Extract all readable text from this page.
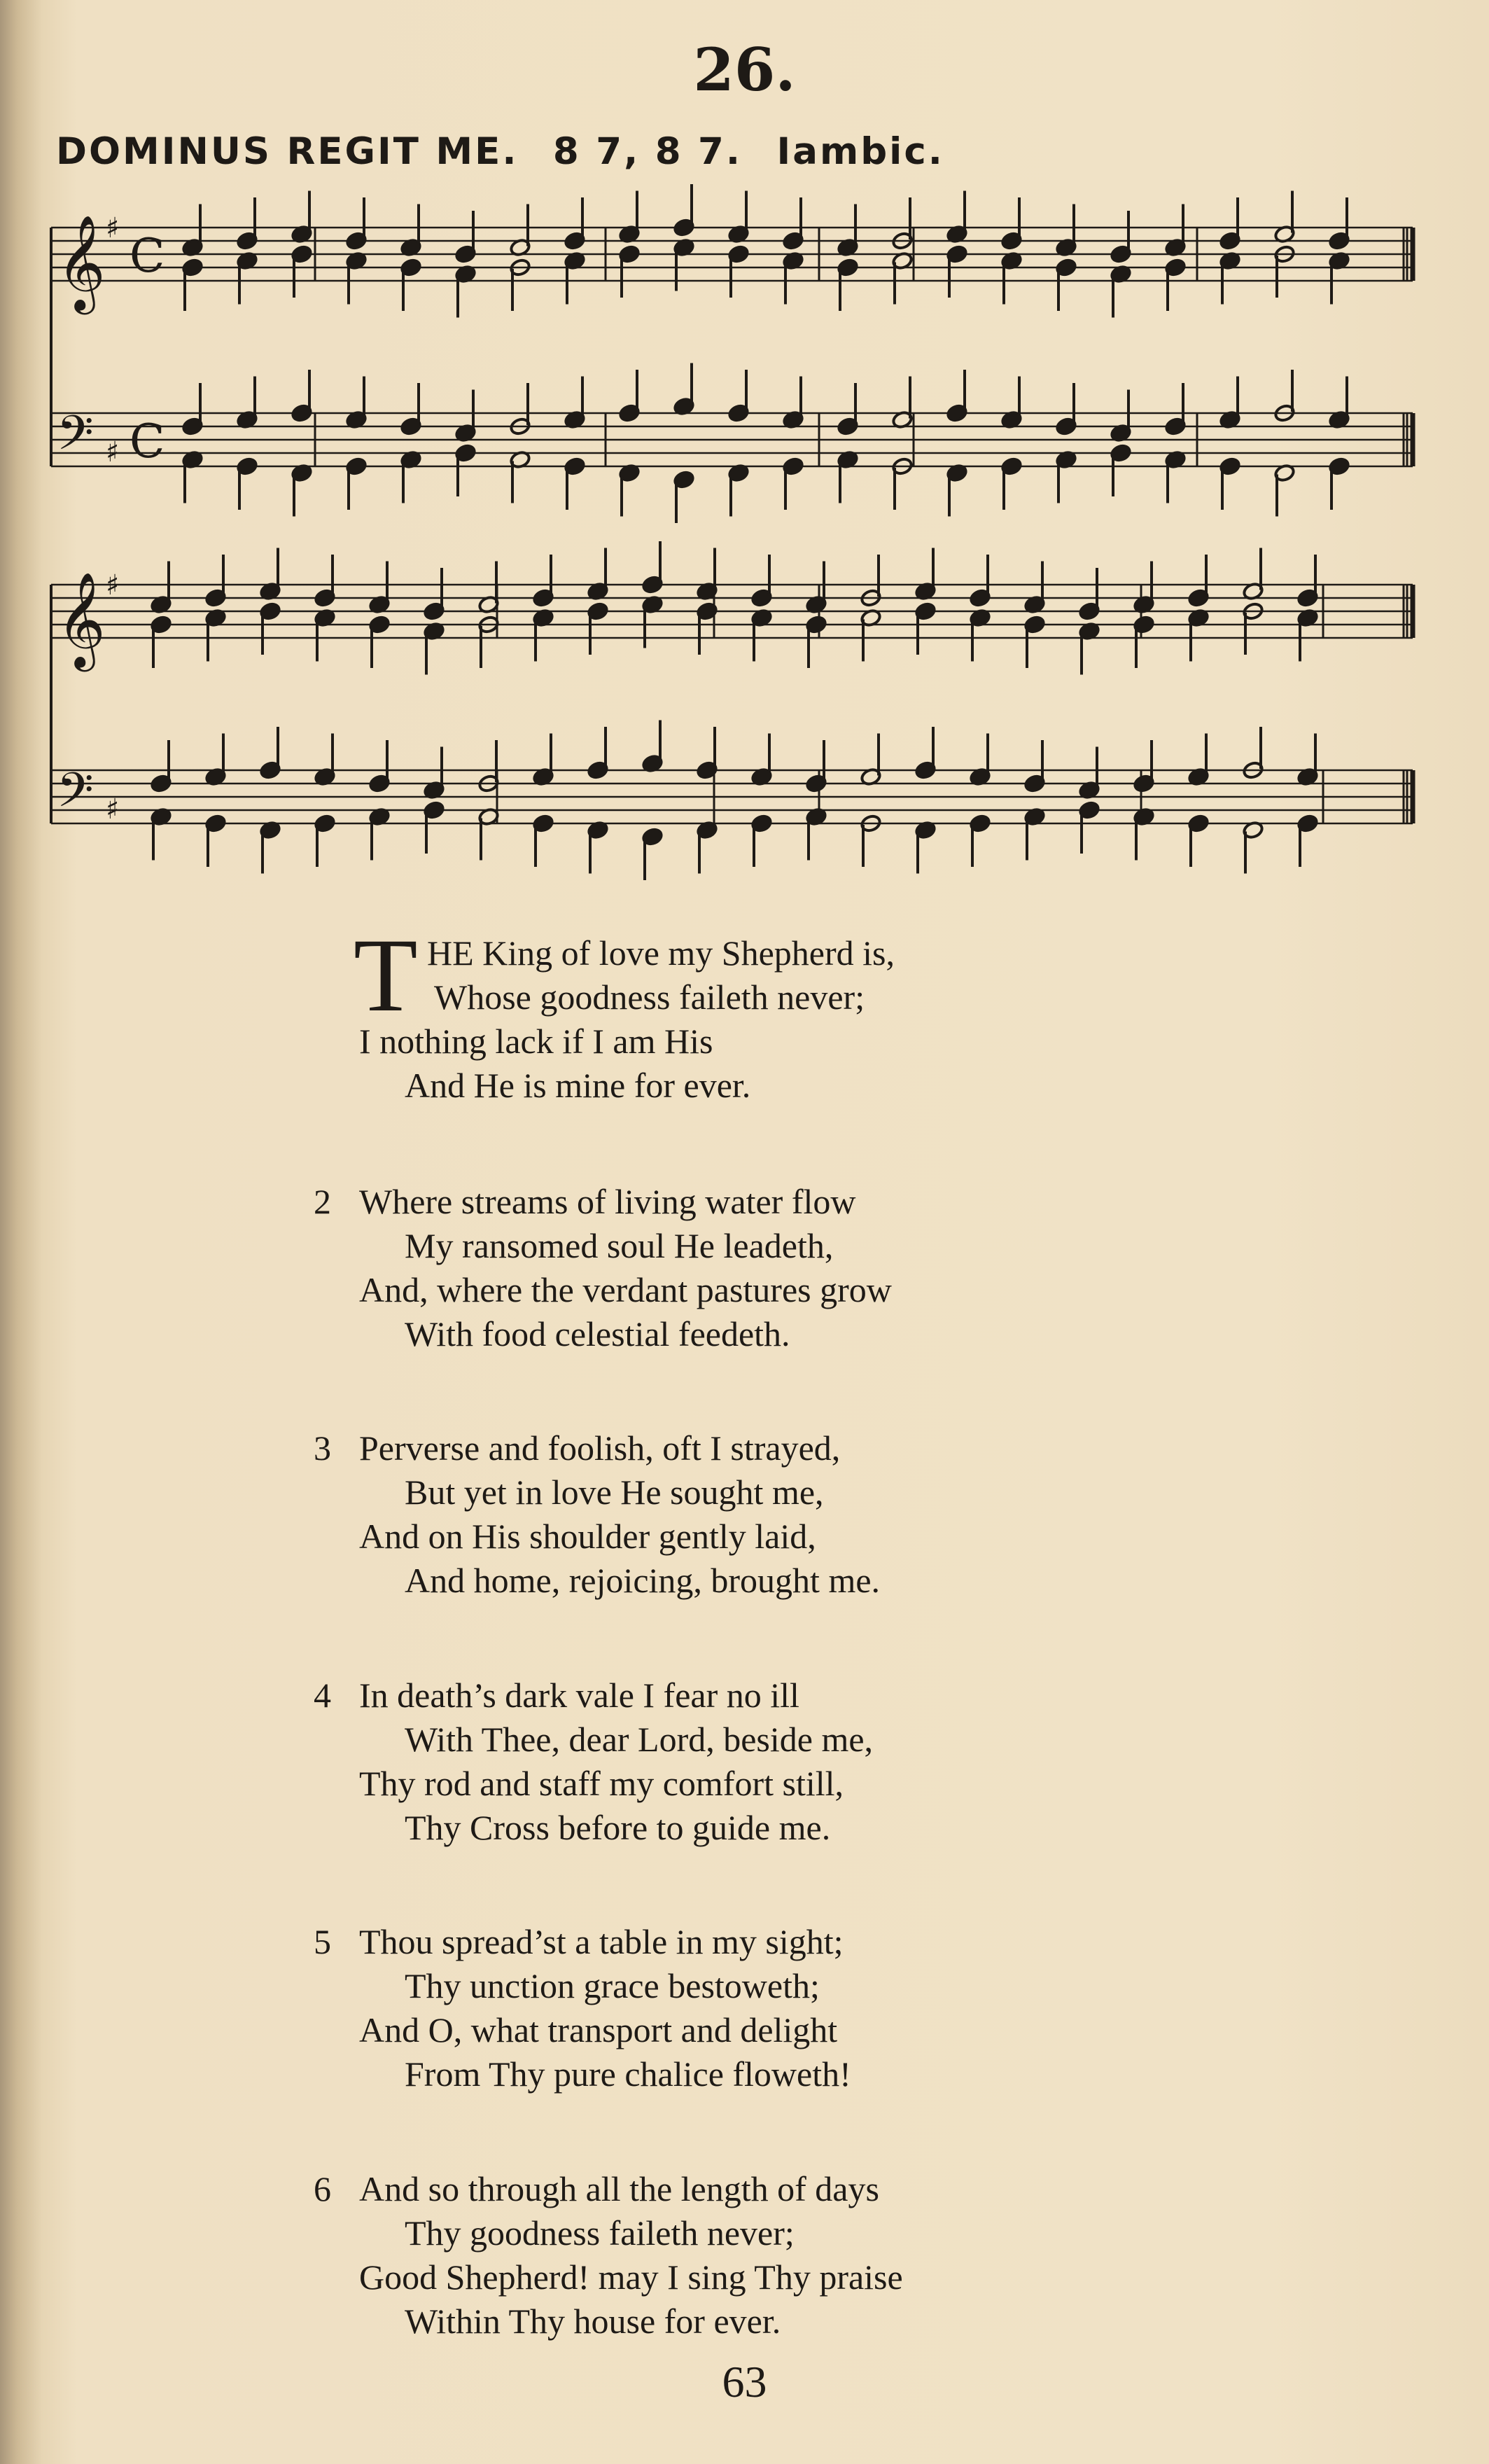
26.
DOMINUS REGIT ME. 8 7, 8 7. Iambic.
𝄞
𝄢
♯
♯
C
C
𝄞
𝄢
♯
♯
T HE King of love my Shepherd is,
Whose goodness faileth never;
I nothing lack if I am His
And He is mine for ever.
2 Where streams of living water flow
My ransomed soul He leadeth,
And, where the verdant pastures grow
With food celestial feedeth.
3 Perverse and foolish, oft I strayed,
But yet in love He sought me,
And on His shoulder gently laid,
And home, rejoicing, brought me.
4 In death’s dark vale I fear no ill
With Thee, dear Lord, beside me,
Thy rod and staff my comfort still,
Thy Cross before to guide me.
5 Thou spread’st a table in my sight;
Thy unction grace bestoweth;
And O, what transport and delight
From Thy pure chalice floweth!
6 And so through all the length of days
Thy goodness faileth never;
Good Shepherd! may I sing Thy praise
Within Thy house for ever.
63
